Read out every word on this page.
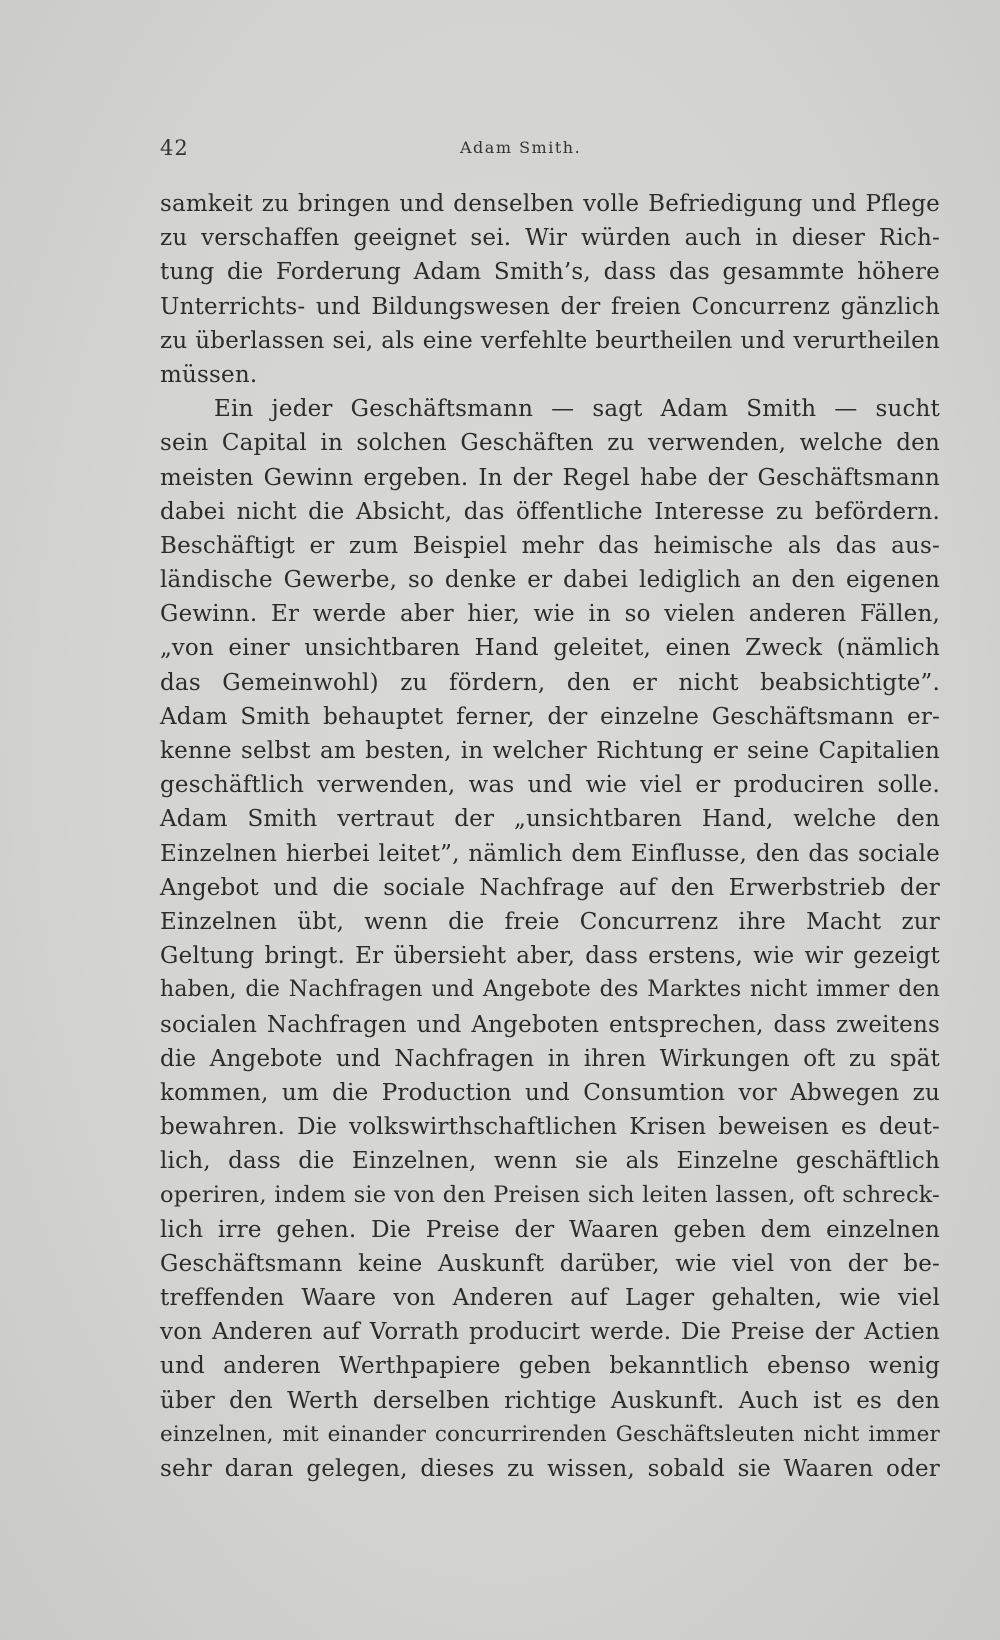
42	Adam Smith.
samkeit zu bringen und denselben volle Befriedigung und Pflege
zu verschaffen geeignet sei. Wir würden auch in dieser Rich-
tung die Forderung Adam Smith’s, dass das gesammte höhere
Unterrichts- und Bildungswesen der freien Concurrenz gänzlich
zu überlassen sei, als eine verfehlte beurtheilen und verurtheilen
müssen.
Ein jeder Geschäftsmann — sagt Adam Smith — sucht
sein Capital in solchen Geschäften zu verwenden, welche den
meisten Gewinn ergeben. In der Regel habe der Geschäftsmann
dabei nicht die Absicht, das öffentliche Interesse zu befördern.
Beschäftigt er zum Beispiel mehr das heimische als das aus-
ländische Gewerbe, so denke er dabei lediglich an den eigenen
Gewinn. Er werde aber hier, wie in so vielen anderen Fällen,
„von einer unsichtbaren Hand geleitet, einen Zweck (nämlich
das Gemeinwohl) zu fördern, den er nicht beabsichtigte”.
Adam Smith behauptet ferner, der einzelne Geschäftsmann er-
kenne selbst am besten, in welcher Richtung er seine Capitalien
geschäftlich verwenden, was und wie viel er produciren solle.
Adam Smith vertraut der „unsichtbaren Hand, welche den
Einzelnen hierbei leitet”, nämlich dem Einflusse, den das sociale
Angebot und die sociale Nachfrage auf den Erwerbstrieb der
Einzelnen übt, wenn die freie Concurrenz ihre Macht zur
Geltung bringt. Er übersieht aber, dass erstens, wie wir gezeigt
haben, die Nachfragen und Angebote des Marktes nicht immer den
socialen Nachfragen und Angeboten entsprechen, dass zweitens
die Angebote und Nachfragen in ihren Wirkungen oft zu spät
kommen, um die Production und Consumtion vor Abwegen zu
bewahren. Die volkswirthschaftlichen Krisen beweisen es deut-
lich, dass die Einzelnen, wenn sie als Einzelne geschäftlich
operiren, indem sie von den Preisen sich leiten lassen, oft schreck-
lich irre gehen. Die Preise der Waaren geben dem einzelnen
Geschäftsmann keine Auskunft darüber, wie viel von der be-
treffenden Waare von Anderen auf Lager gehalten, wie viel
von Anderen auf Vorrath producirt werde. Die Preise der Actien
und anderen Werthpapiere geben bekanntlich ebenso wenig
über den Werth derselben richtige Auskunft. Auch ist es den
einzelnen, mit einander concurrirenden Geschäftsleuten nicht immer
sehr daran gelegen, dieses zu wissen, sobald sie Waaren oder
